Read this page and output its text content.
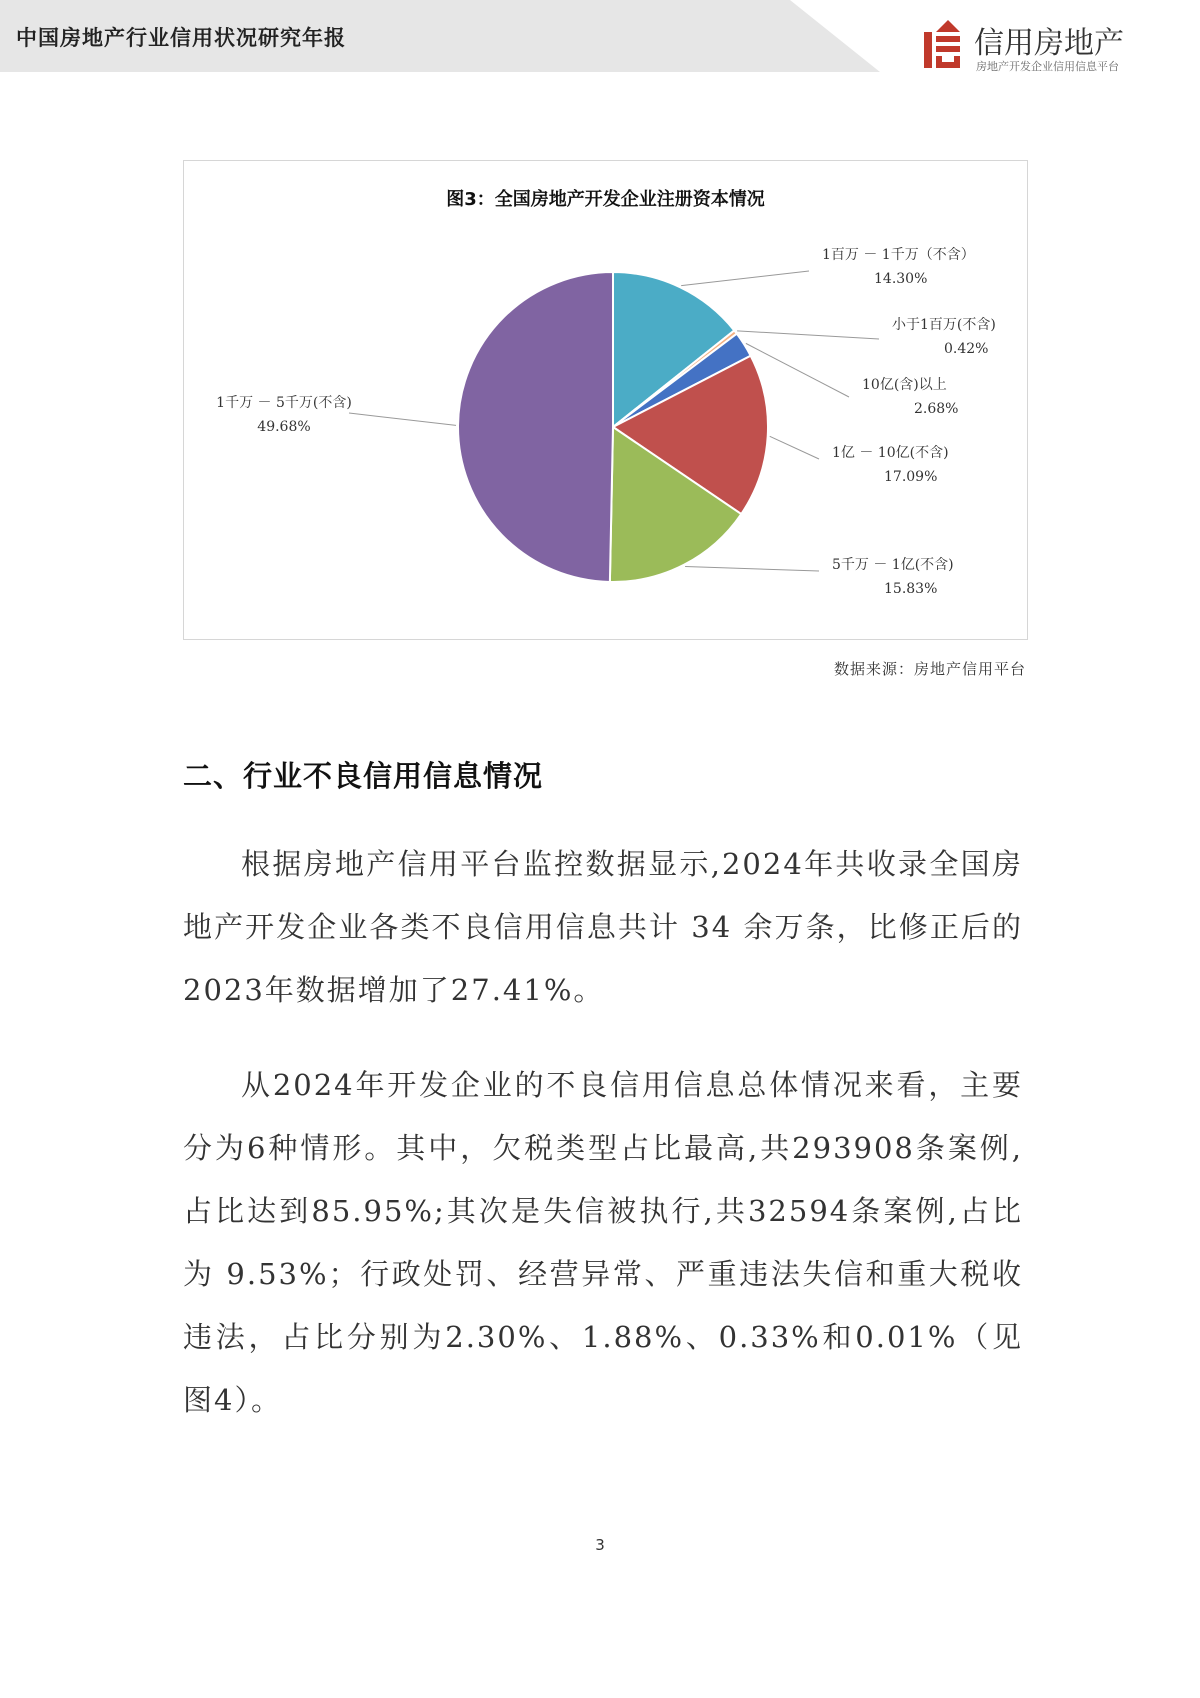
中国房地产行业信用状况研究年报	信用房地产
房地产开发企业信用信息平台
图3：全国房地产开发企业注册资本情况
1百万 － 1千万（不含）
14.30%
小于1百万(不含)
0.42%
10亿(含)以上
2.68%
1亿 － 10亿(不含)
17.09%
5千万 － 1亿(不含)
15.83%
1千万 － 5千万(不含)
49.68%
数据来源：房地产信用平台
二、行业不良信用信息情况
根据房地产信用平台监控数据显示,2024年共收录全国房地产开发企业各类不良信用信息共计 34 余万条，比修正后的2023年数据增加了27.41%。
从2024年开发企业的不良信用信息总体情况来看，主要分为6种情形。其中，欠税类型占比最高,共293908条案例,占比达到85.95%;其次是失信被执行,共32594条案例,占比为 9.53%；行政处罚、经营异常、严重违法失信和重大税收违法，占比分别为2.30%、1.88%、0.33%和0.01%（见图4）。
3
